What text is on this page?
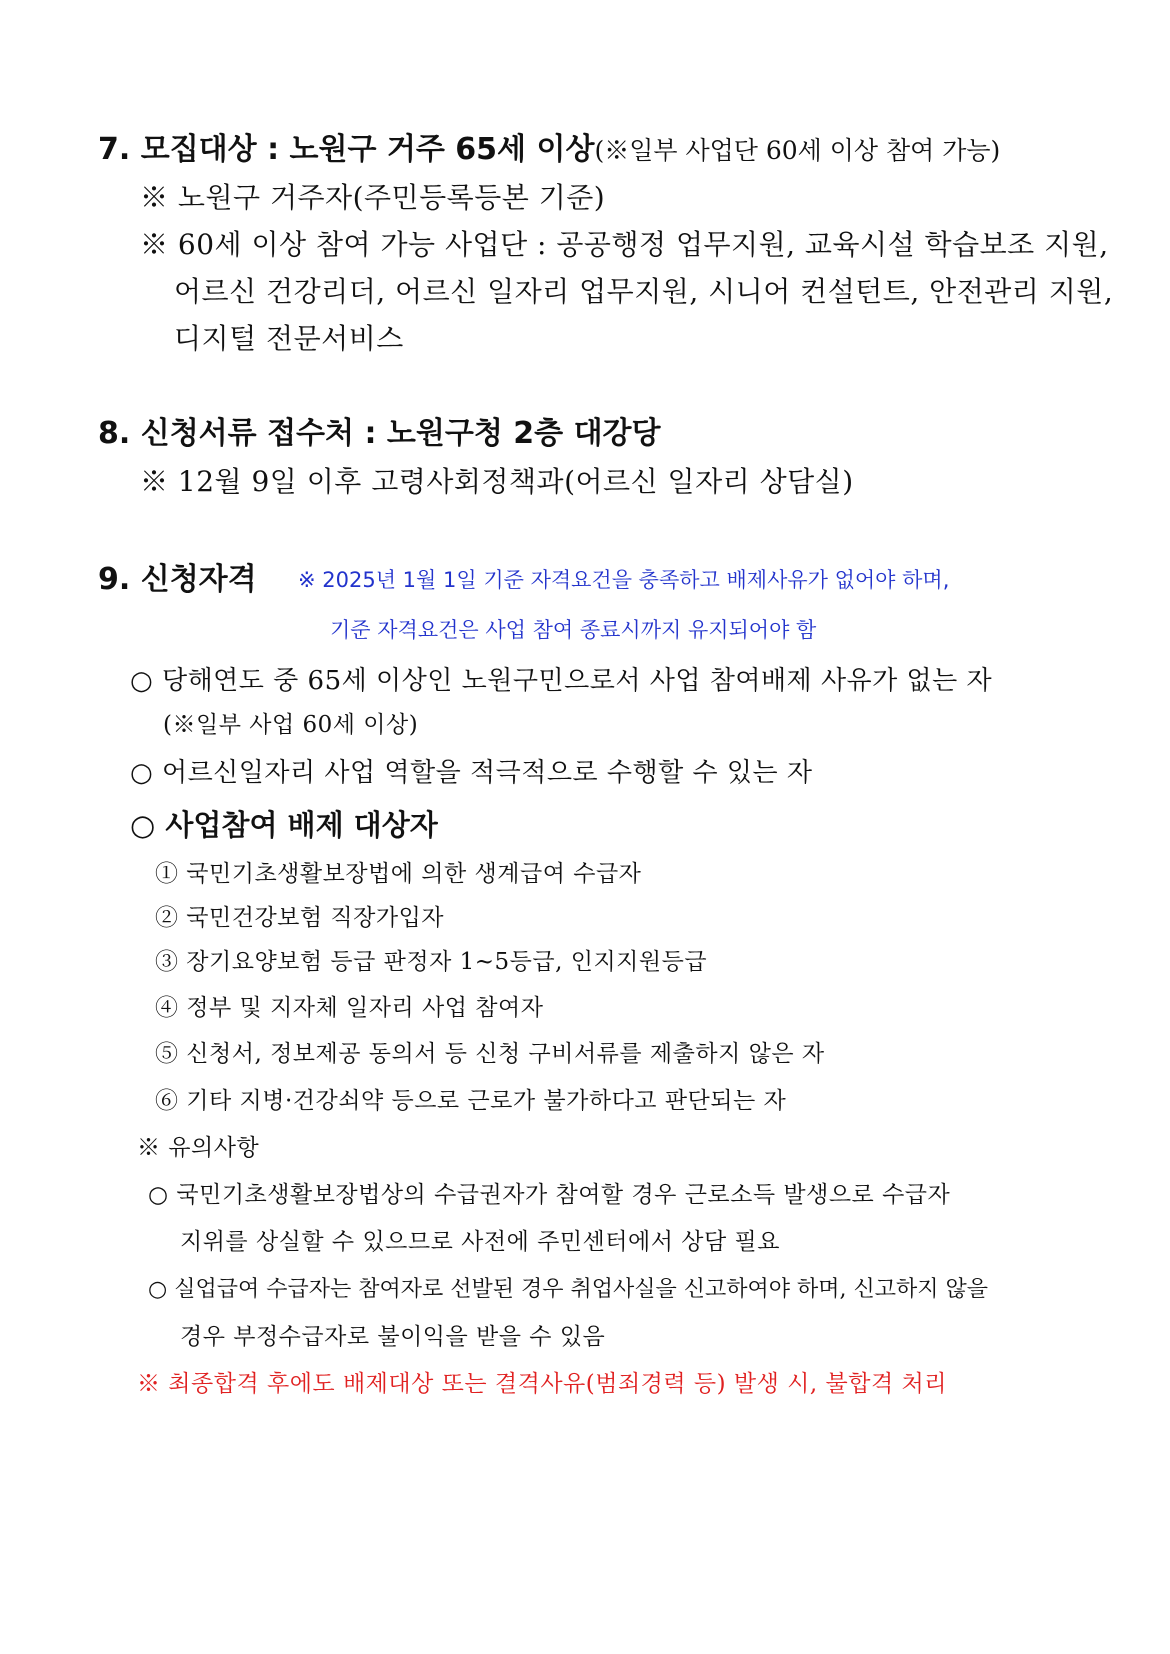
7. 모집대상 : 노원구 거주 65세 이상(※일부 사업단 60세 이상 참여 가능)
※ 노원구 거주자(주민등록등본 기준)
※ 60세 이상 참여 가능 사업단 : 공공행정 업무지원, 교육시설 학습보조 지원,
어르신 건강리더, 어르신 일자리 업무지원, 시니어 컨설턴트, 안전관리 지원,
디지털 전문서비스
8. 신청서류 접수처 : 노원구청 2층 대강당
※ 12월 9일 이후 고령사회정책과(어르신 일자리 상담실)
9. 신청자격 ※ 2025년 1월 1일 기준 자격요건을 충족하고 배제사유가 없어야 하며,
기준 자격요건은 사업 참여 종료시까지 유지되어야 함
○ 당해연도 중 65세 이상인 노원구민으로서 사업 참여배제 사유가 없는 자
(※일부 사업 60세 이상)
○ 어르신일자리 사업 역할을 적극적으로 수행할 수 있는 자
○ 사업참여 배제 대상자
① 국민기초생활보장법에 의한 생계급여 수급자
② 국민건강보험 직장가입자
③ 장기요양보험 등급 판정자 1~5등급, 인지지원등급
④ 정부 및 지자체 일자리 사업 참여자
⑤ 신청서, 정보제공 동의서 등 신청 구비서류를 제출하지 않은 자
⑥ 기타 지병·건강쇠약 등으로 근로가 불가하다고 판단되는 자
※ 유의사항
○ 국민기초생활보장법상의 수급권자가 참여할 경우 근로소득 발생으로 수급자
지위를 상실할 수 있으므로 사전에 주민센터에서 상담 필요
○ 실업급여 수급자는 참여자로 선발된 경우 취업사실을 신고하여야 하며, 신고하지 않을
경우 부정수급자로 불이익을 받을 수 있음
※ 최종합격 후에도 배제대상 또는 결격사유(범죄경력 등) 발생 시, 불합격 처리
